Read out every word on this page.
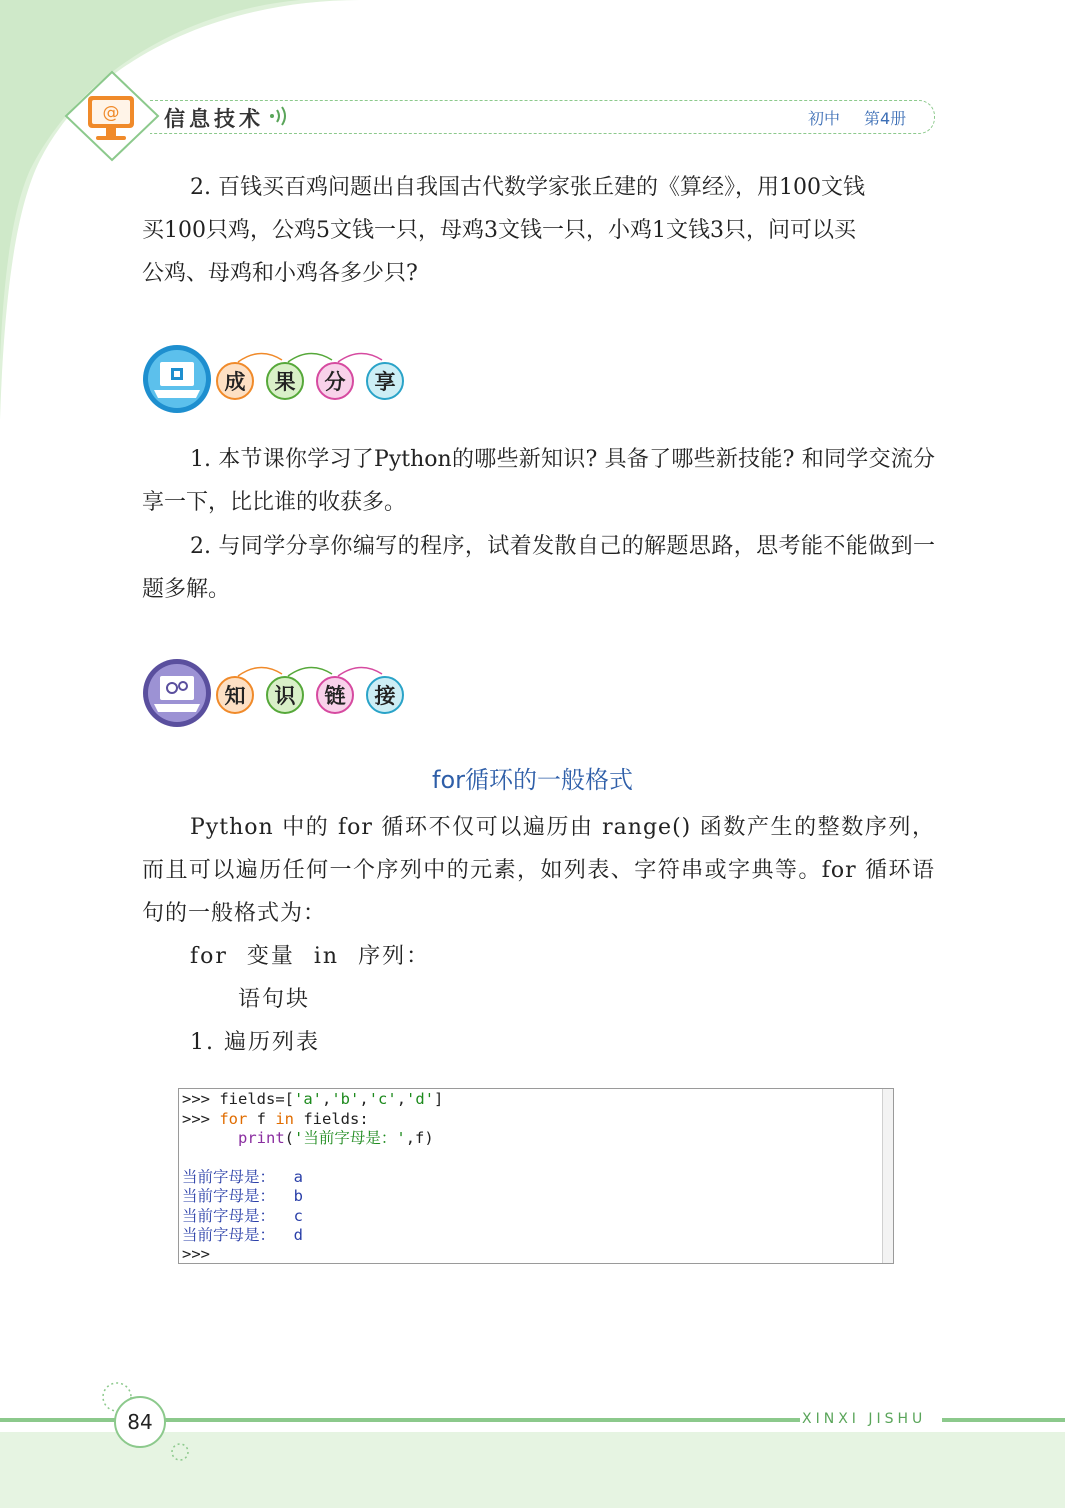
@ 信息技术	初中 第4册

2. 百钱买百鸡问题出自我国古代数学家张丘建的《算经》，用100文钱

买100只鸡，公鸡5文钱一只，母鸡3文钱一只，小鸡1文钱3只，问可以买

公鸡、母鸡和小鸡各多少只?

成	果	分	享

1. 本节课你学习了Python的哪些新知识? 具备了哪些新技能? 和同学交流分享一下，比比谁的收获多。

2. 与同学分享你编写的程序，试着发散自己的解题思路，思考能不能做到一题多解。

知	识	链	接
for循环的一般格式

Python 中的 for 循环不仅可以遍历由 range() 函数产生的整数序列，而且可以遍历任何一个序列中的元素，如列表、字符串或字典等。for 循环语句的一般格式为：

for 变量 in 序列：

语句块

1. 遍历列表

>>> fields=['a','b','c','d']
>>> for f in fields:
print('当前字母是：',f)
当前字母是：  a
当前字母是：  b
当前字母是：  c
当前字母是：  d
>>>
84	XINXI JISHU
